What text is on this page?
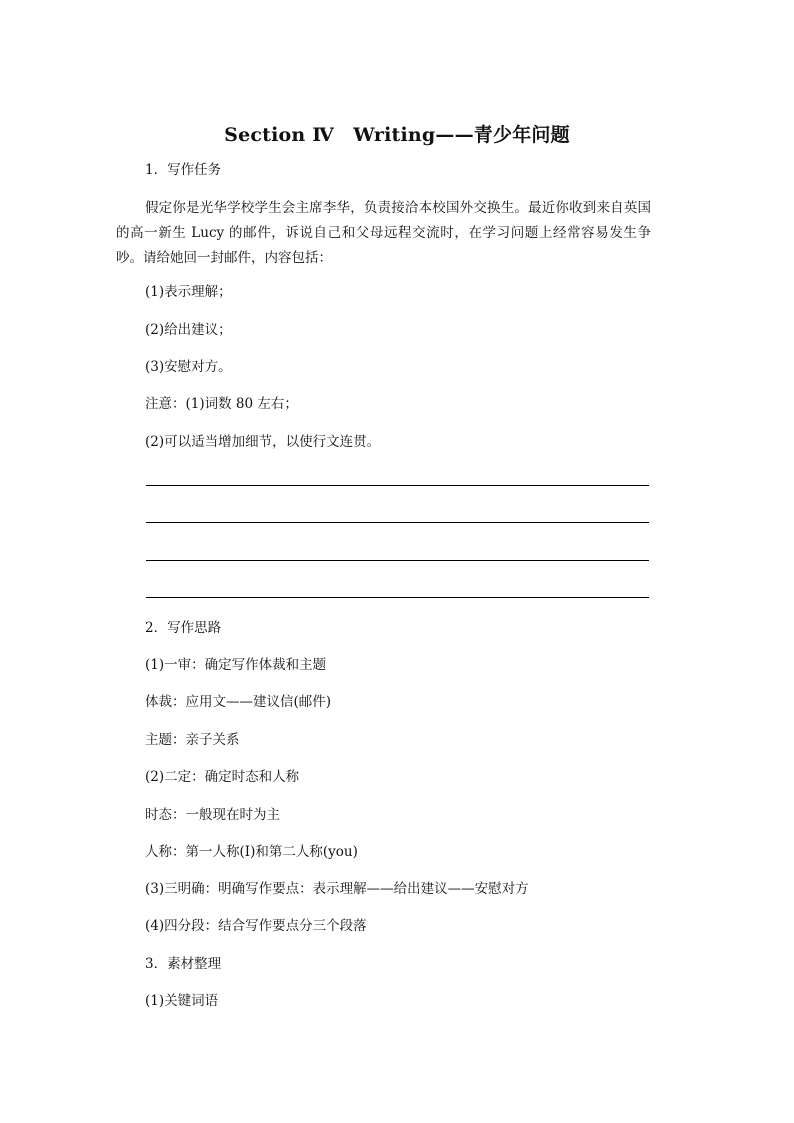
Section Ⅳ　Writing——青少年问题
1．写作任务
假定你是光华学校学生会主席李华，负责接洽本校国外交换生。最近你收到来自英国的高一新生 Lucy 的邮件，诉说自己和父母远程交流时，在学习问题上经常容易发生争吵。请给她回一封邮件，内容包括：
(1)表示理解；
(2)给出建议；
(3)安慰对方。
注意：(1)词数 80 左右；
(2)可以适当增加细节，以使行文连贯。
2．写作思路
(1)一审：确定写作体裁和主题
体裁：应用文——建议信(邮件)
主题：亲子关系
(2)二定：确定时态和人称
时态：一般现在时为主
人称：第一人称(I)和第二人称(you)
(3)三明确：明确写作要点：表示理解——给出建议——安慰对方
(4)四分段：结合写作要点分三个段落
3．素材整理
(1)关键词语
